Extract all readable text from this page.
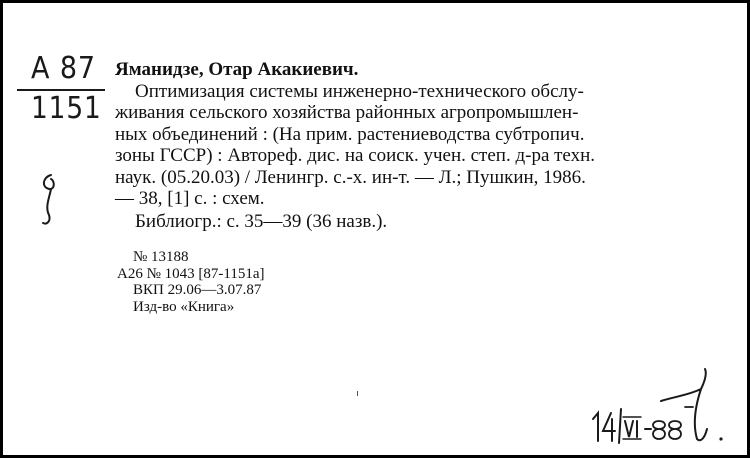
A 87
1151

Яманидзе, Отар Акакиевич.

Оптимизация системы инженерно-технического обслу-

живания сельского хозяйства районных агропромышлен-

ных объединений : (На прим. растениеводства субтропич.

зоны ГССР) : Автореф. дис. на соиск. учен. степ. д-ра техн.

наук. (05.20.03) / Ленингр. с.-х. ин-т. — Л.; Пушкин, 1986.

— 38, [1] с. : схем.

Библиогр.: с. 35—39 (36 назв.).

№ 13188

А26 № 1043 [87-1151а]

ВКП 29.06—3.07.87

Изд-во «Книга»
